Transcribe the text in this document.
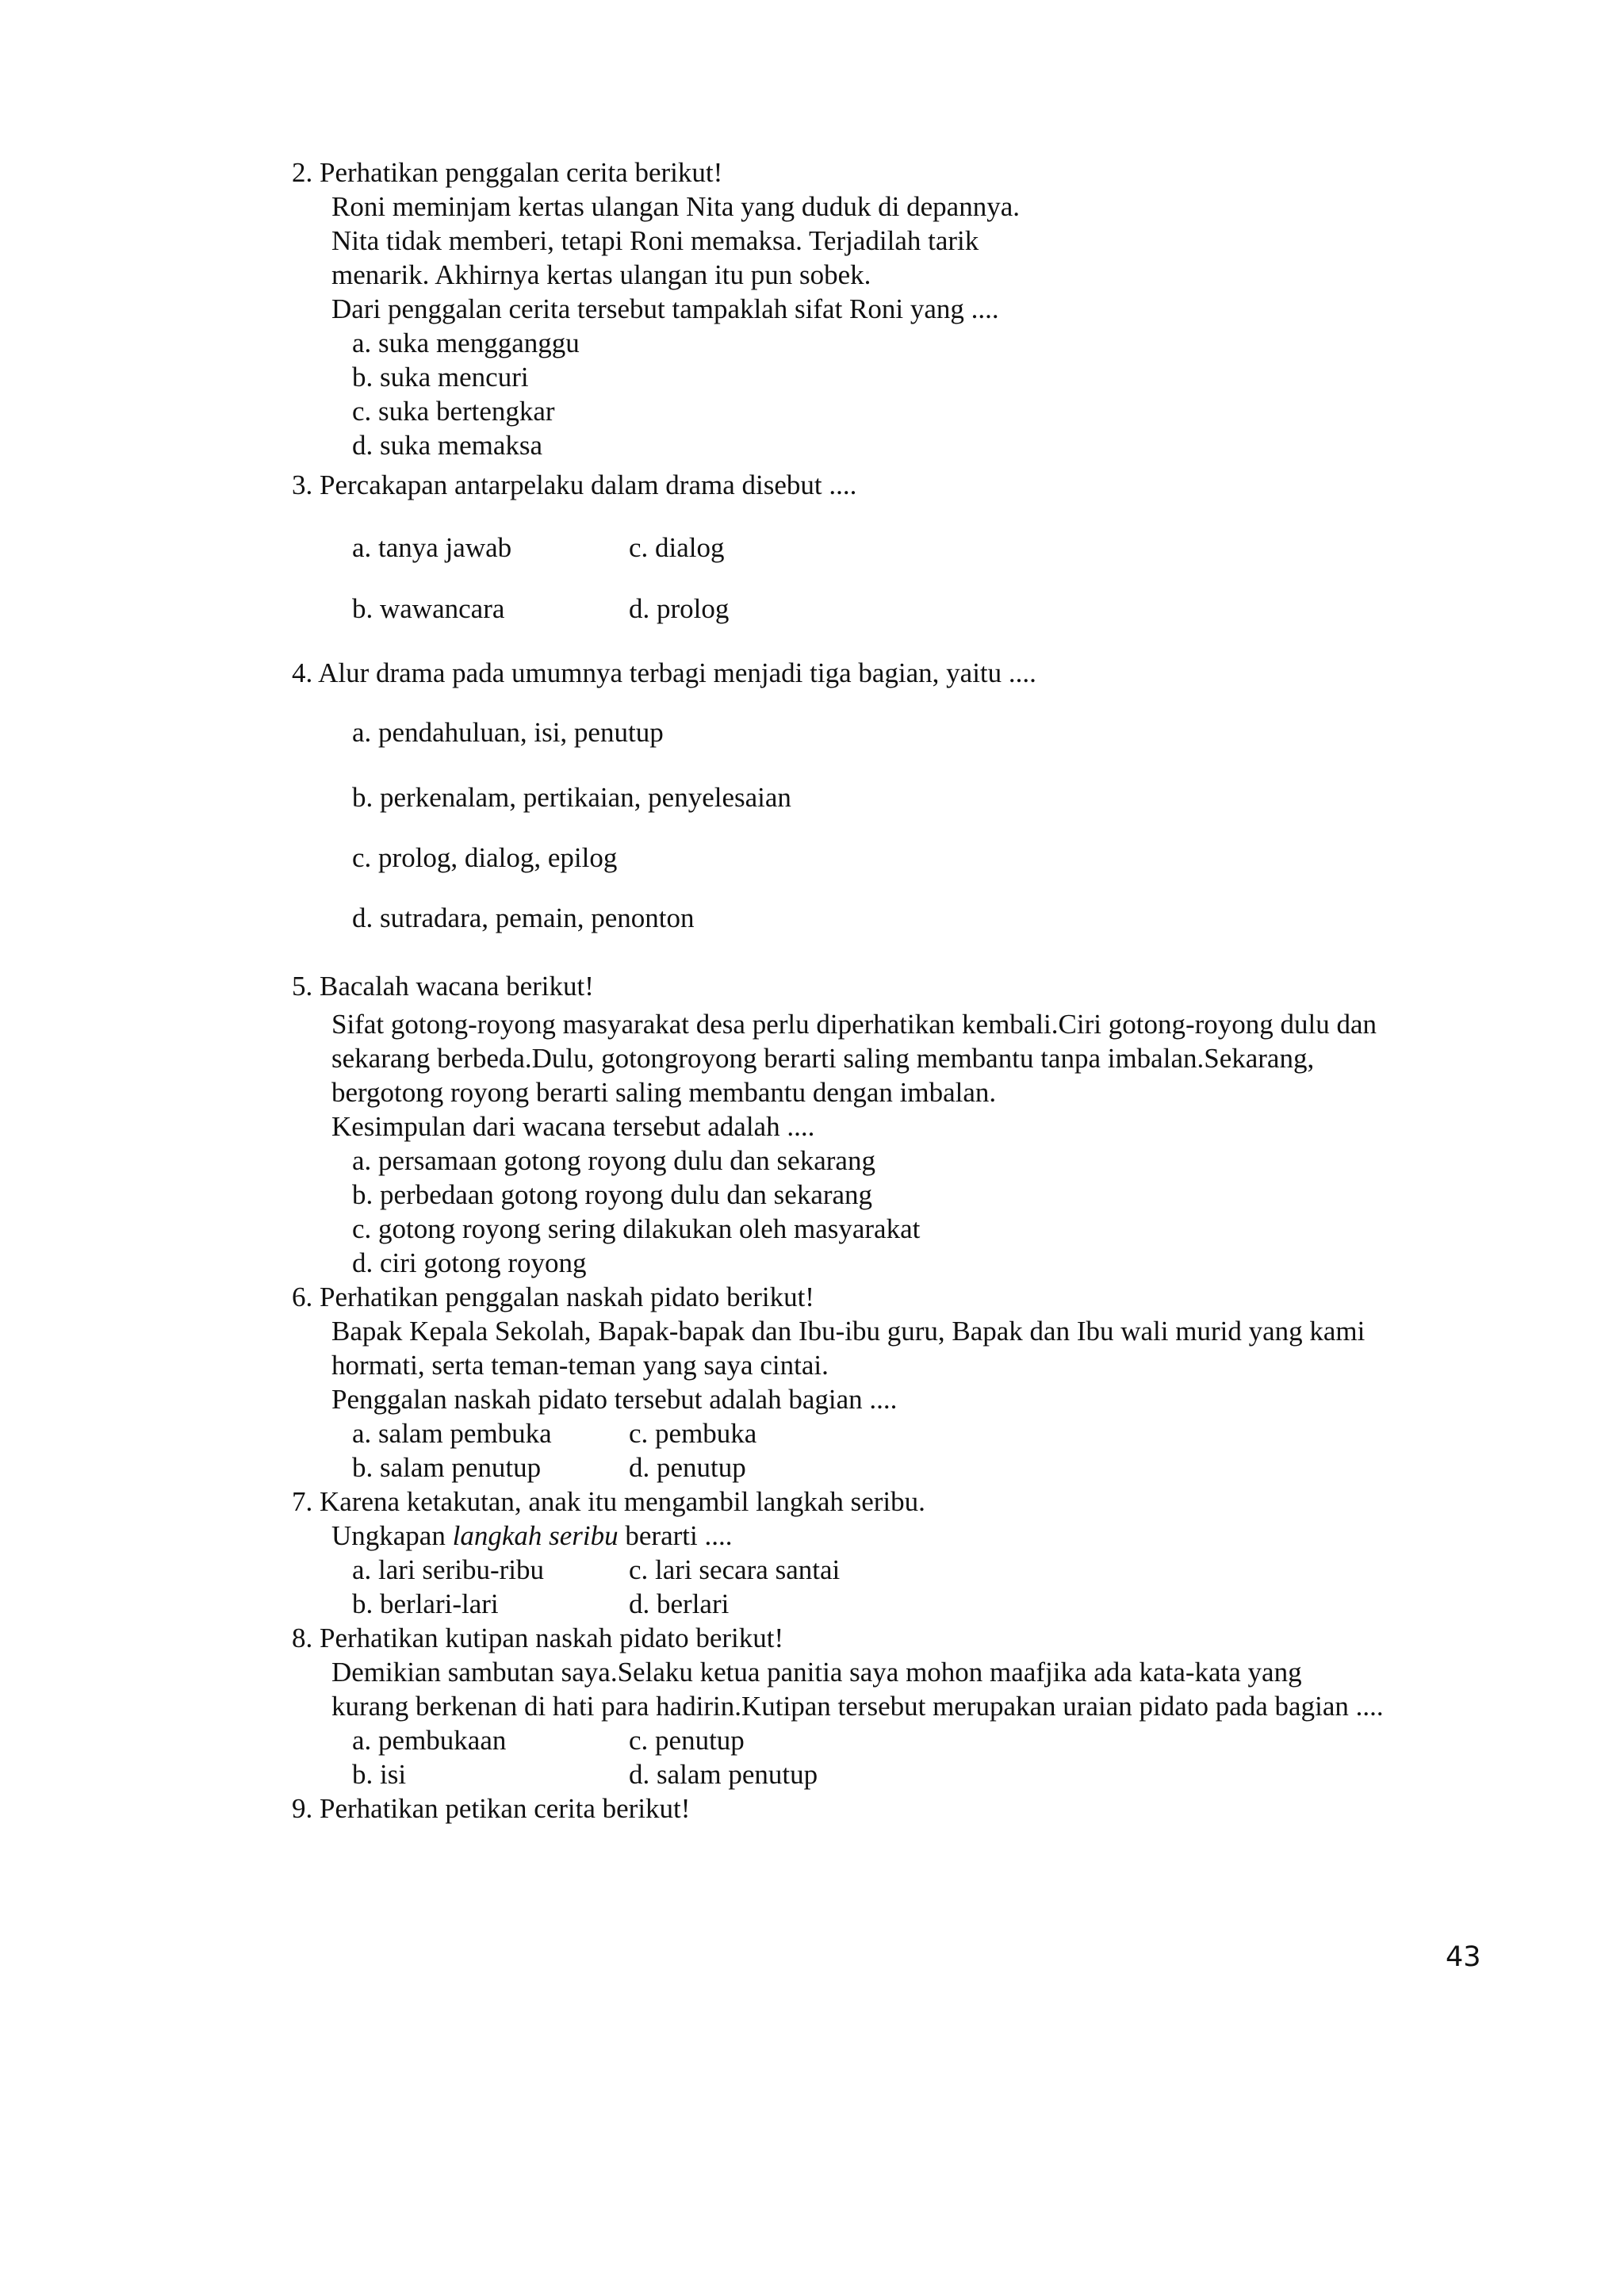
2. Perhatikan penggalan cerita berikut!
Roni meminjam kertas ulangan Nita yang duduk di depannya.
Nita tidak memberi, tetapi Roni memaksa. Terjadilah tarik
menarik. Akhirnya kertas ulangan itu pun sobek.
Dari penggalan cerita tersebut tampaklah sifat Roni yang ....
a. suka mengganggu
b. suka mencuri
c. suka bertengkar
d. suka memaksa
3. Percakapan antarpelaku dalam drama disebut ....
a. tanya jawab	c. dialog
b. wawancara	d. prolog
4. Alur drama pada umumnya terbagi menjadi tiga bagian, yaitu ....
a. pendahuluan, isi, penutup
b. perkenalam, pertikaian, penyelesaian
c. prolog, dialog, epilog
d. sutradara, pemain, penonton
5. Bacalah wacana berikut!
Sifat gotong-royong masyarakat desa perlu diperhatikan kembali.Ciri gotong-royong dulu dan
sekarang berbeda.Dulu, gotongroyong berarti saling membantu tanpa imbalan.Sekarang,
bergotong royong berarti saling membantu dengan imbalan.
Kesimpulan dari wacana tersebut adalah ....
a. persamaan gotong royong dulu dan sekarang
b. perbedaan gotong royong dulu dan sekarang
c. gotong royong sering dilakukan oleh masyarakat
d. ciri gotong royong
6. Perhatikan penggalan naskah pidato berikut!
Bapak Kepala Sekolah, Bapak-bapak dan Ibu-ibu guru, Bapak dan Ibu wali murid yang kami
hormati, serta teman-teman yang saya cintai.
Penggalan naskah pidato tersebut adalah bagian ....
a. salam pembuka	c. pembuka
b. salam penutup	d. penutup
7. Karena ketakutan, anak itu mengambil langkah seribu.
Ungkapan langkah seribu berarti ....
a. lari seribu-ribu	c. lari secara santai
b. berlari-lari	d. berlari
8. Perhatikan kutipan naskah pidato berikut!
Demikian sambutan saya.Selaku ketua panitia saya mohon maafjika ada kata-kata yang
kurang berkenan di hati para hadirin.Kutipan tersebut merupakan uraian pidato pada bagian ....
a. pembukaan	c. penutup
b. isi	d. salam penutup
9. Perhatikan petikan cerita berikut!
43
